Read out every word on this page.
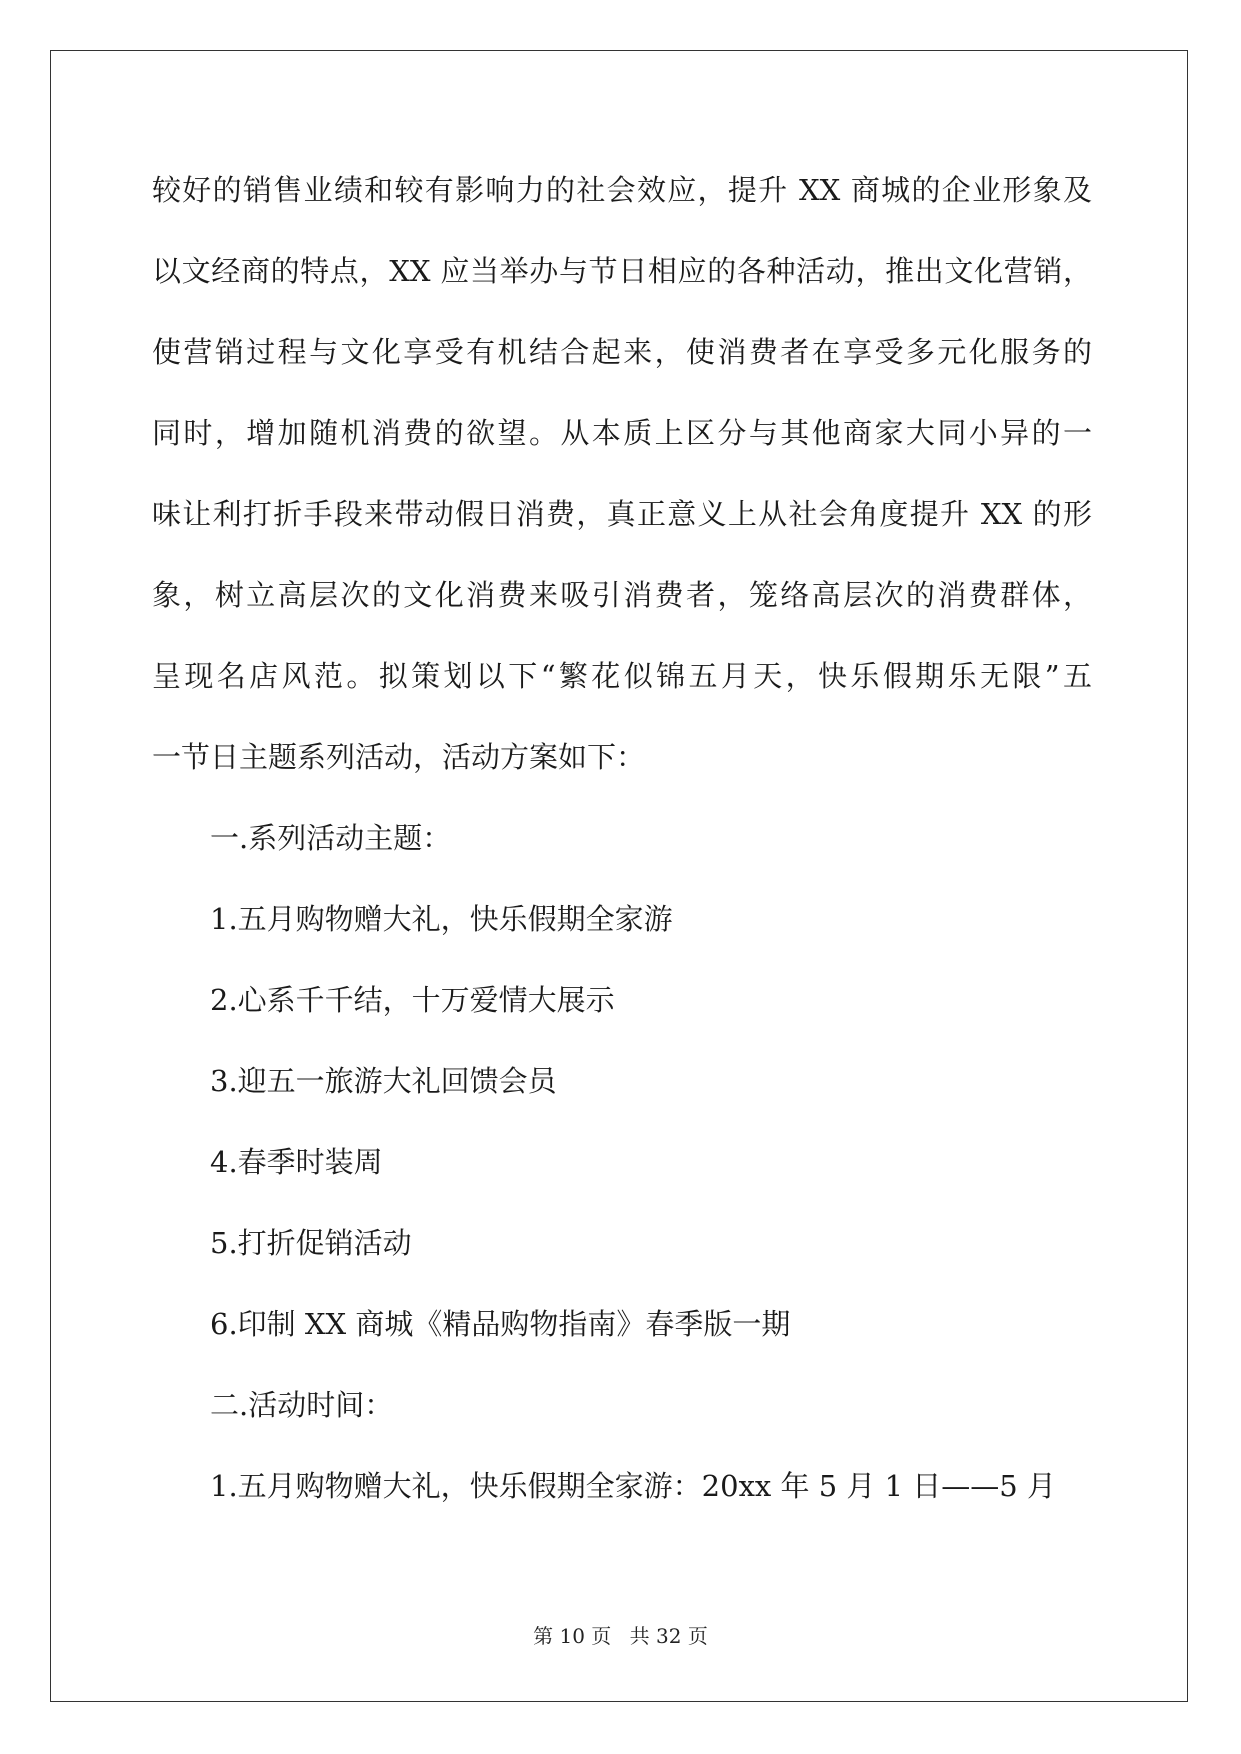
较好的销售业绩和较有影响力的社会效应，提升 XX 商城的企业形象及
以文经商的特点，XX 应当举办与节日相应的各种活动，推出文化营销，
使营销过程与文化享受有机结合起来，使消费者在享受多元化服务的
同时，增加随机消费的欲望。从本质上区分与其他商家大同小异的一
味让利打折手段来带动假日消费，真正意义上从社会角度提升 XX 的形
象，树立高层次的文化消费来吸引消费者，笼络高层次的消费群体，
呈现名店风范。拟策划以下“繁花似锦五月天，快乐假期乐无限”五
一节日主题系列活动，活动方案如下：
一.系列活动主题：
1.五月购物赠大礼，快乐假期全家游
2.心系千千结，十万爱情大展示
3.迎五一旅游大礼回馈会员
4.春季时装周
5.打折促销活动
6.印制 XX 商城《精品购物指南》春季版一期
二.活动时间：
1.五月购物赠大礼，快乐假期全家游：20xx 年 5 月 1 日——5 月
第 10 页 共 32 页
